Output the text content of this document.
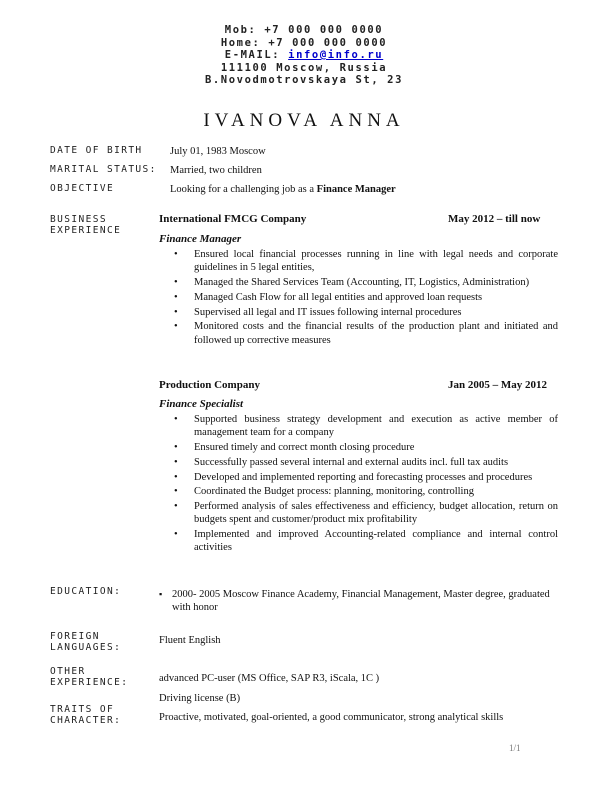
Mob: +7 000 000 0000
Home: +7 000 000 0000
E-MAIL: info@info.ru
111100 Moscow, Russia
B.Novodmotrovskaya St, 23
IVANOVA ANNA
DATE OF BIRTH	July 01, 1983 Moscow
MARITAL STATUS: Married, two children
OBJECTIVE	Looking for a challenging job as a Finance Manager
BUSINESS
EXPERIENCE
International FMCG Company	May 2012 – till now
Finance Manager
• Ensured local financial processes running in line with legal needs and corporate guidelines in 5 legal entities,
• Managed the Shared Services Team (Accounting, IT, Logistics, Administration)
• Managed Cash Flow for all legal entities and approved loan requests
• Supervised all legal and IT issues following internal procedures
• Monitored costs and the financial results of the production plant and initiated and followed up corrective measures
Production Company	Jan 2005 – May 2012
Finance Specialist
• Supported business strategy development and execution as active member of management team for a company
• Ensured timely and correct month closing procedure
• Successfully passed several internal and external audits incl. full tax audits
• Developed and implemented reporting and forecasting processes and procedures
• Coordinated the Budget process: planning, monitoring, controlling
• Performed analysis of sales effectiveness and efficiency, budget allocation, return on budgets spent and customer/product mix profitability
• Implemented and improved Accounting-related compliance and internal control activities
EDUCATION:	▪ 2000- 2005 Moscow Finance Academy, Financial Management, Master degree, graduated with honor
FOREIGN
LANGUAGES:
Fluent English
OTHER
EXPERIENCE:	advanced PC-user (MS Office, SAP R3, iScala, 1C )
Driving license (B)
TRAITS OF
CHARACTER:	Proactive, motivated, goal-oriented, a good communicator, strong analytical skills
1/1
